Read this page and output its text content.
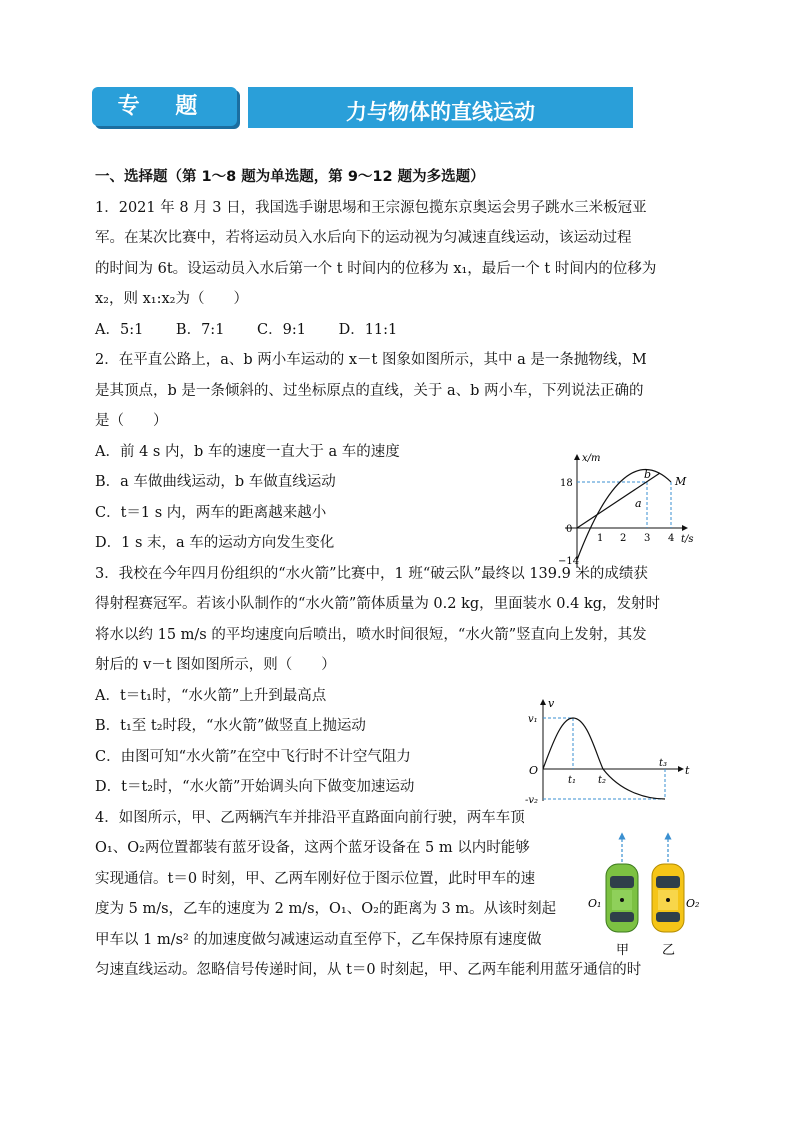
专 题 二
力与物体的直线运动
一、选择题（第 1～8 题为单选题，第 9～12 题为多选题）
1．2021 年 8 月 3 日，我国选手谢思埸和王宗源包揽东京奥运会男子跳水三米板冠亚
军。在某次比赛中，若将运动员入水后向下的运动视为匀减速直线运动，该运动过程
的时间为 6t。设运动员入水后第一个 t 时间内的位移为 x₁，最后一个 t 时间内的位移为
x₂，则 x₁:x₂为（　　）
A．5:1 B．7:1 C．9:1 D．11:1
2．在平直公路上，a、b 两小车运动的 x－t 图象如图所示，其中 a 是一条抛物线，M
是其顶点，b 是一条倾斜的、过坐标原点的直线，关于 a、b 两小车，下列说法正确的
是（　　）
A．前 4 s 内，b 车的速度一直大于 a 车的速度
B．a 车做曲线运动，b 车做直线运动
C．t＝1 s 内，两车的距离越来越小
D．1 s 末，a 车的运动方向发生变化
3．我校在今年四月份组织的“水火箭”比赛中，1 班“破云队”最终以 139.9 米的成绩获
得射程赛冠军。若该小队制作的“水火箭”箭体质量为 0.2 kg，里面装水 0.4 kg，发射时
将水以约 15 m/s 的平均速度向后喷出，喷水时间很短，“水火箭”竖直向上发射，其发
射后的 v－t 图如图所示，则（　　）
A．t＝t₁时，“水火箭”上升到最高点
B．t₁至 t₂时段，“水火箭”做竖直上抛运动
C．由图可知“水火箭”在空中飞行时不计空气阻力
D．t＝t₂时，“水火箭”开始调头向下做变加速运动
4．如图所示，甲、乙两辆汽车并排沿平直路面向前行驶，两车车顶
O₁、O₂两位置都装有蓝牙设备，这两个蓝牙设备在 5 m 以内时能够
实现通信。t＝0 时刻，甲、乙两车刚好位于图示位置，此时甲车的速
度为 5 m/s，乙车的速度为 2 m/s，O₁、O₂的距离为 3 m。从该时刻起
甲车以 1 m/s² 的加速度做匀减速运动直至停下，乙车保持原有速度做
匀速直线运动。忽略信号传递时间，从 t＝0 时刻起，甲、乙两车能利用蓝牙通信的时
x/m
t/s
18
0
−14
1 2 3 4
a
b
M
v
t
O
v₁
-v₂
t₁ t₂
t₃
O₁	O₂
甲	乙
